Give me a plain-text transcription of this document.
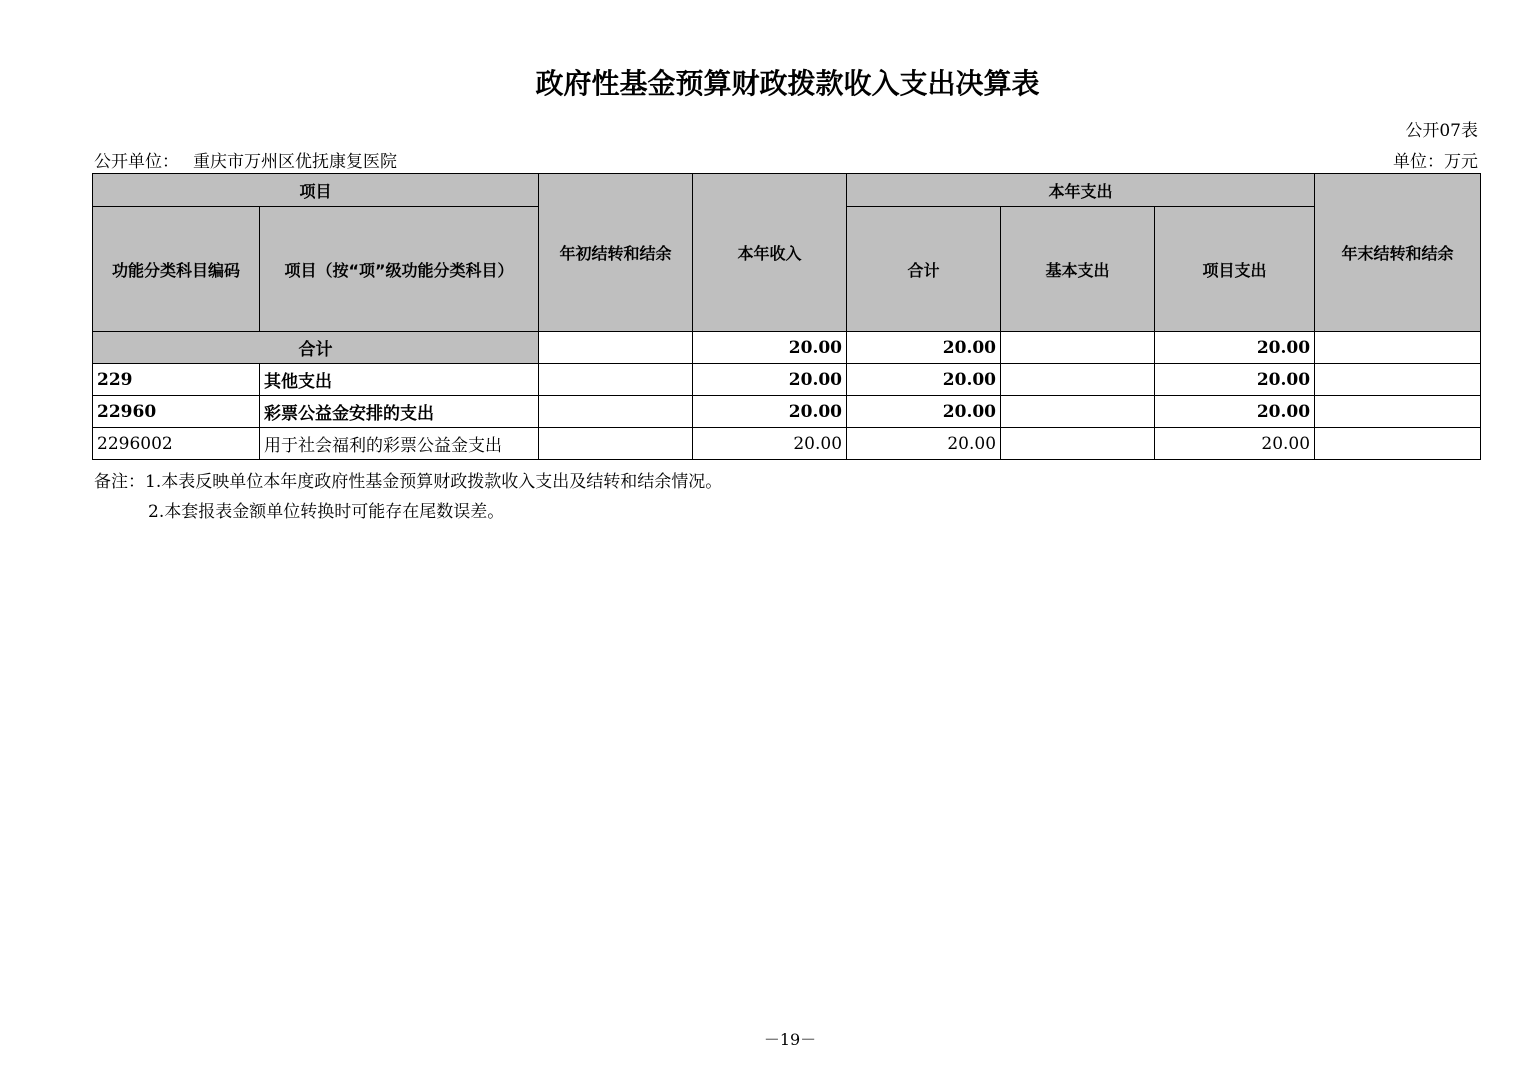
政府性基金预算财政拨款收入支出决算表
公开07表
公开单位： 重庆市万州区优抚康复医院	单位：万元
项目		年初结转和结余	本年收入	本年支出			年末结转和结余
功能分类科目编码	项目（按“项”级功能分类科目）			合计	基本支出	项目支出	
合计			20.00	20.00		20.00	
229	其他支出		20.00	20.00		20.00	
22960	彩票公益金安排的支出		20.00	20.00		20.00	
2296002	用于社会福利的彩票公益金支出		20.00	20.00		20.00	
备注：1.本表反映单位本年度政府性基金预算财政拨款收入支出及结转和结余情况。
2.本套报表金额单位转换时可能存在尾数误差。
－19－
